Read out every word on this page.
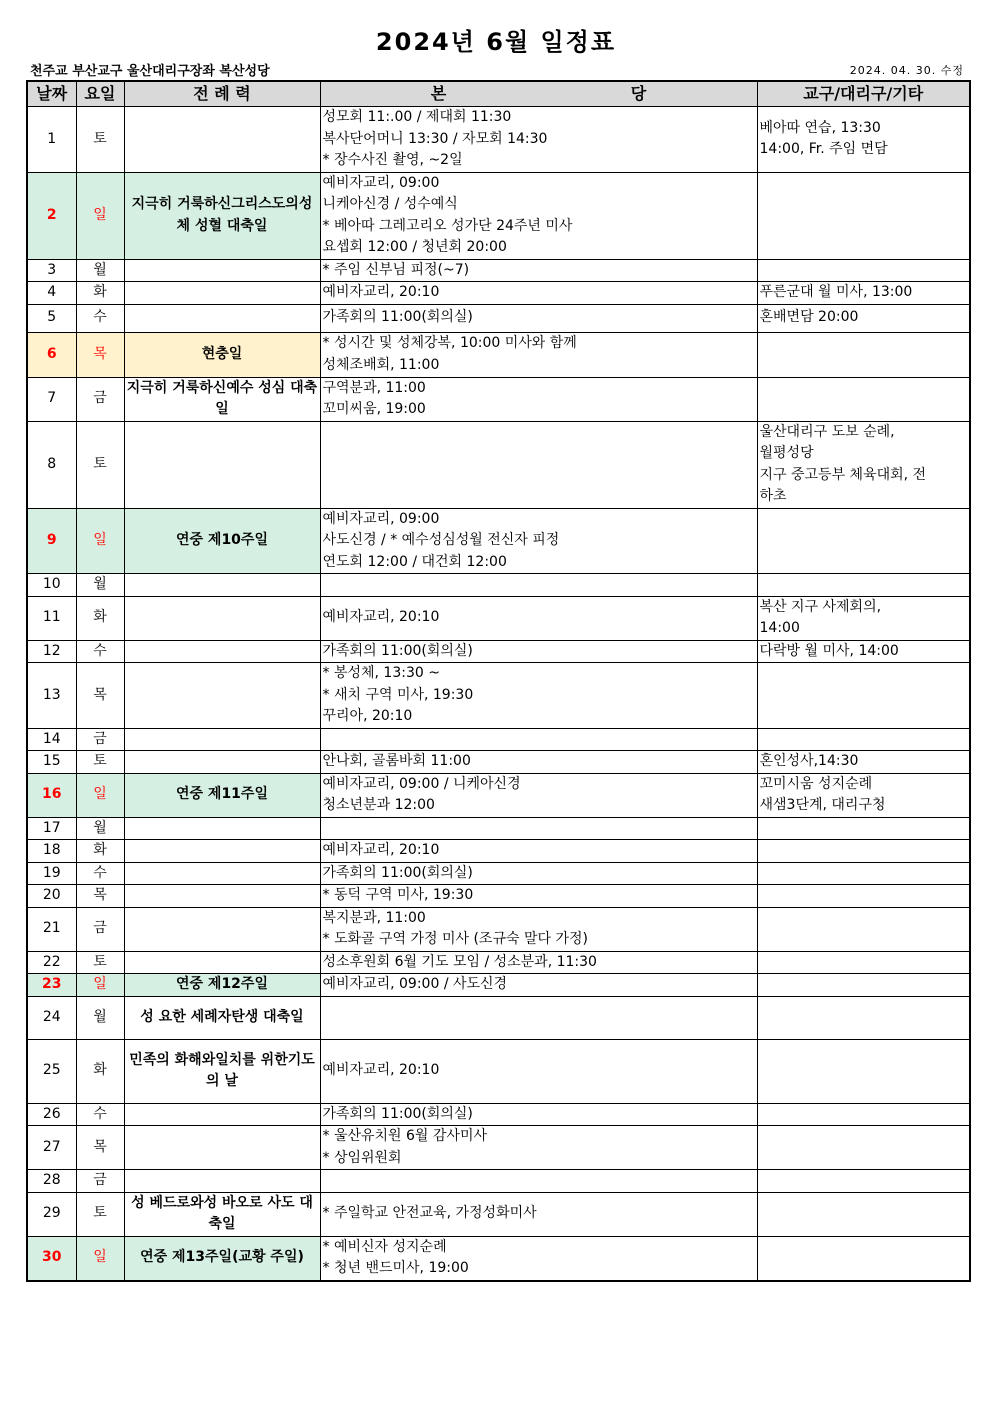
2024년 6월 일정표
천주교 부산교구 울산대리구장좌 복산성당	2024. 04. 30. 수정
날짜	요일	전 례 력	본 당	교구/대리구/기타
1	토		성모회 11:.00 / 제대회 11:30
복사단어머니 13:30 / 자모회 14:30
* 장수사진 촬영, ~2일	베아따 연습, 13:30
14:00, Fr. 주임 면담

2	일	지극히 거룩하신그리스도의성체 성혈 대축일	예비자교리, 09:00
니케아신경 / 성수예식
* 베아따 그레고리오 성가단 24주년 미사
요셉회 12:00 / 청년회 20:00	

3	월		* 주임 신부님 피정(~7)	

4	화		예비자교리, 20:10	푸른군대 월 미사, 13:00

5	수		가족회의 11:00(회의실)	혼배면담 20:00

6	목	현충일	* 성시간 및 성체강복, 10:00 미사와 함께
성체조배회, 11:00	

7	금	지극히 거룩하신예수 성심 대축일	구역분과, 11:00
꼬미씨움, 19:00	

8	토			울산대리구 도보 순례,
월평성당
지구 중고등부 체육대회, 전
하초

9	일	연중 제10주일	예비자교리, 09:00
사도신경 / * 예수성심성월 전신자 피정
연도회 12:00 / 대건회 12:00	

10	월			
11	화		예비자교리, 20:10	복산 지구 사제회의,
14:00

12	수		가족회의 11:00(회의실)	다락방 월 미사, 14:00

13	목		* 봉성체, 13:30 ~
* 새치 구역 미사, 19:30
꾸리아, 20:10	

14	금			
15	토		안나회, 골롬바회 11:00	혼인성사,14:30

16	일	연중 제11주일	예비자교리, 09:00 / 니케아신경
청소년분과 12:00	꼬미시움 성지순례
새샘3단계, 대리구청

17	월			
18	화		예비자교리, 20:10	

19	수		가족회의 11:00(회의실)	

20	목		* 동덕 구역 미사, 19:30	

21	금		복지분과, 11:00
* 도화골 구역 가정 미사 (조규숙 말다 가정)	

22	토		성소후원회 6월 기도 모임 / 성소분과, 11:30	

23	일	연중 제12주일	예비자교리, 09:00 / 사도신경	

24	월	성 요한 세례자탄생 대축일		
25	화	민족의 화해와일치를 위한기도의 날	예비자교리, 20:10	

26	수		가족회의 11:00(회의실)	

27	목		* 울산유치원 6월 감사미사
* 상임위원회	

28	금			
29	토	성 베드로와성 바오로 사도 대축일	* 주일학교 안전교육, 가정성화미사	

30	일	연중 제13주일(교황 주일)	* 예비신자 성지순례
* 청년 밴드미사, 19:00	
